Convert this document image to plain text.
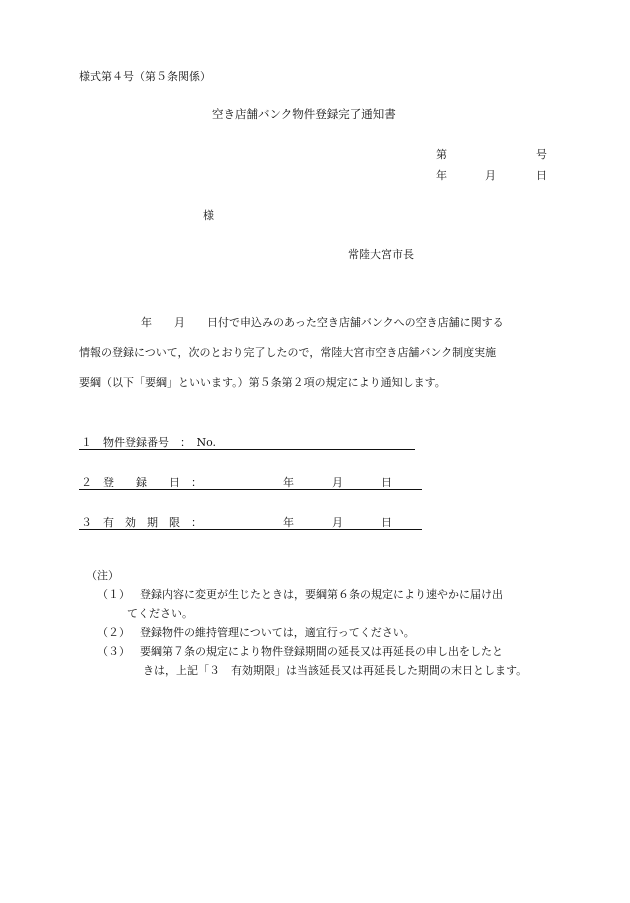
様式第４号（第５条関係）
空き店舗バンク物件登録完了通知書
第	号
年	月	日
様
常陸大宮市長
年　　月　　日付で申込みのあった空き店舗バンクへの空き店舗に関する
情報の登録について，次のとおり完了したので，常陸大宮市空き店舗バンク制度実施
要綱（以下「要綱」といいます。）第５条第２項の規定により通知します。
１　物件登録番号　：　No.
２　登　　録　　日　：	年	月	日
３　有　効　期　限　：	年	月	日
（注）
（１） 登録内容に変更が生じたときは，要綱第６条の規定により速やかに届け出
てください。
（２） 登録物件の維持管理については，適宜行ってください。
（３） 要綱第７条の規定により物件登録期間の延長又は再延長の申し出をしたと
きは，上記「３　有効期限」は当該延長又は再延長した期間の末日とします。
